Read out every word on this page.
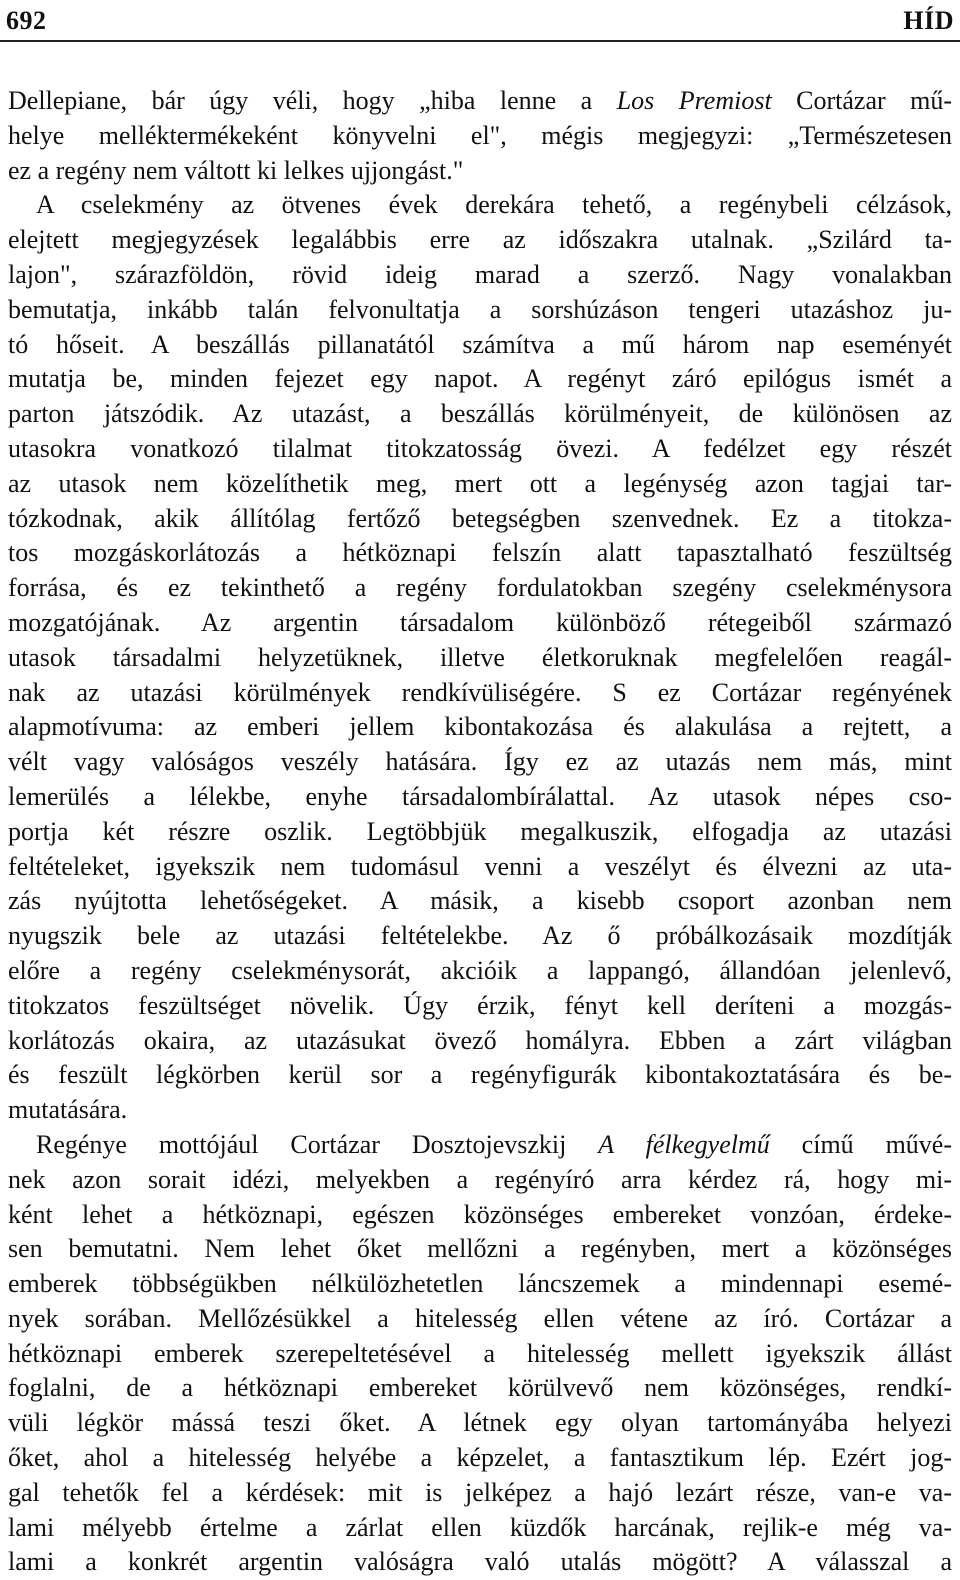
692	HÍD
Dellepiane, bár úgy véli, hogy „hiba lenne a Los Premiost Cortázar mű-
helye melléktermékeként könyvelni el", mégis megjegyzi: „Természetesen
ez a regény nem váltott ki lelkes ujjongást."
A cselekmény az ötvenes évek derekára tehető, a regénybeli célzások,
elejtett megjegyzések legalábbis erre az időszakra utalnak. „Szilárd ta-
lajon", szárazföldön, rövid ideig marad a szerző. Nagy vonalakban
bemutatja, inkább talán felvonultatja a sorshúzáson tengeri utazáshoz ju-
tó hőseit. A beszállás pillanatától számítva a mű három nap eseményét
mutatja be, minden fejezet egy napot. A regényt záró epilógus ismét a
parton játszódik. Az utazást, a beszállás körülményeit, de különösen az
utasokra vonatkozó tilalmat titokzatosság övezi. A fedélzet egy részét
az utasok nem közelíthetik meg, mert ott a legénység azon tagjai tar-
tózkodnak, akik állítólag fertőző betegségben szenvednek. Ez a titokza-
tos mozgáskorlátozás a hétköznapi felszín alatt tapasztalható feszültség
forrása, és ez tekinthető a regény fordulatokban szegény cselekménysora
mozgatójának. Az argentin társadalom különböző rétegeiből származó
utasok társadalmi helyzetüknek, illetve életkoruknak megfelelően reagál-
nak az utazási körülmények rendkívüliségére. S ez Cortázar regényének
alapmotívuma: az emberi jellem kibontakozása és alakulása a rejtett, a
vélt vagy valóságos veszély hatására. Így ez az utazás nem más, mint
lemerülés a lélekbe, enyhe társadalombírálattal. Az utasok népes cso-
portja két részre oszlik. Legtöbbjük megalkuszik, elfogadja az utazási
feltételeket, igyekszik nem tudomásul venni a veszélyt és élvezni az uta-
zás nyújtotta lehetőségeket. A másik, a kisebb csoport azonban nem
nyugszik bele az utazási feltételekbe. Az ő próbálkozásaik mozdítják
előre a regény cselekménysorát, akcióik a lappangó, állandóan jelenlevő,
titokzatos feszültséget növelik. Úgy érzik, fényt kell deríteni a mozgás-
korlátozás okaira, az utazásukat övező homályra. Ebben a zárt világban
és feszült légkörben kerül sor a regényfigurák kibontakoztatására és be-
mutatására.
Regénye mottójául Cortázar Dosztojevszkij A félkegyelmű című művé-
nek azon sorait idézi, melyekben a regényíró arra kérdez rá, hogy mi-
ként lehet a hétköznapi, egészen közönséges embereket vonzóan, érdeke-
sen bemutatni. Nem lehet őket mellőzni a regényben, mert a közönséges
emberek többségükben nélkülözhetetlen láncszemek a mindennapi esemé-
nyek sorában. Mellőzésükkel a hitelesség ellen vétene az író. Cortázar a
hétköznapi emberek szerepeltetésével a hitelesség mellett igyekszik állást
foglalni, de a hétköznapi embereket körülvevő nem közönséges, rendkí-
vüli légkör mássá teszi őket. A létnek egy olyan tartományába helyezi
őket, ahol a hitelesség helyébe a képzelet, a fantasztikum lép. Ezért jog-
gal tehetők fel a kérdések: mit is jelképez a hajó lezárt része, van-e va-
lami mélyebb értelme a zárlat ellen küzdők harcának, rejlik-e még va-
lami a konkrét argentin valóságra való utalás mögött? A válasszal a
